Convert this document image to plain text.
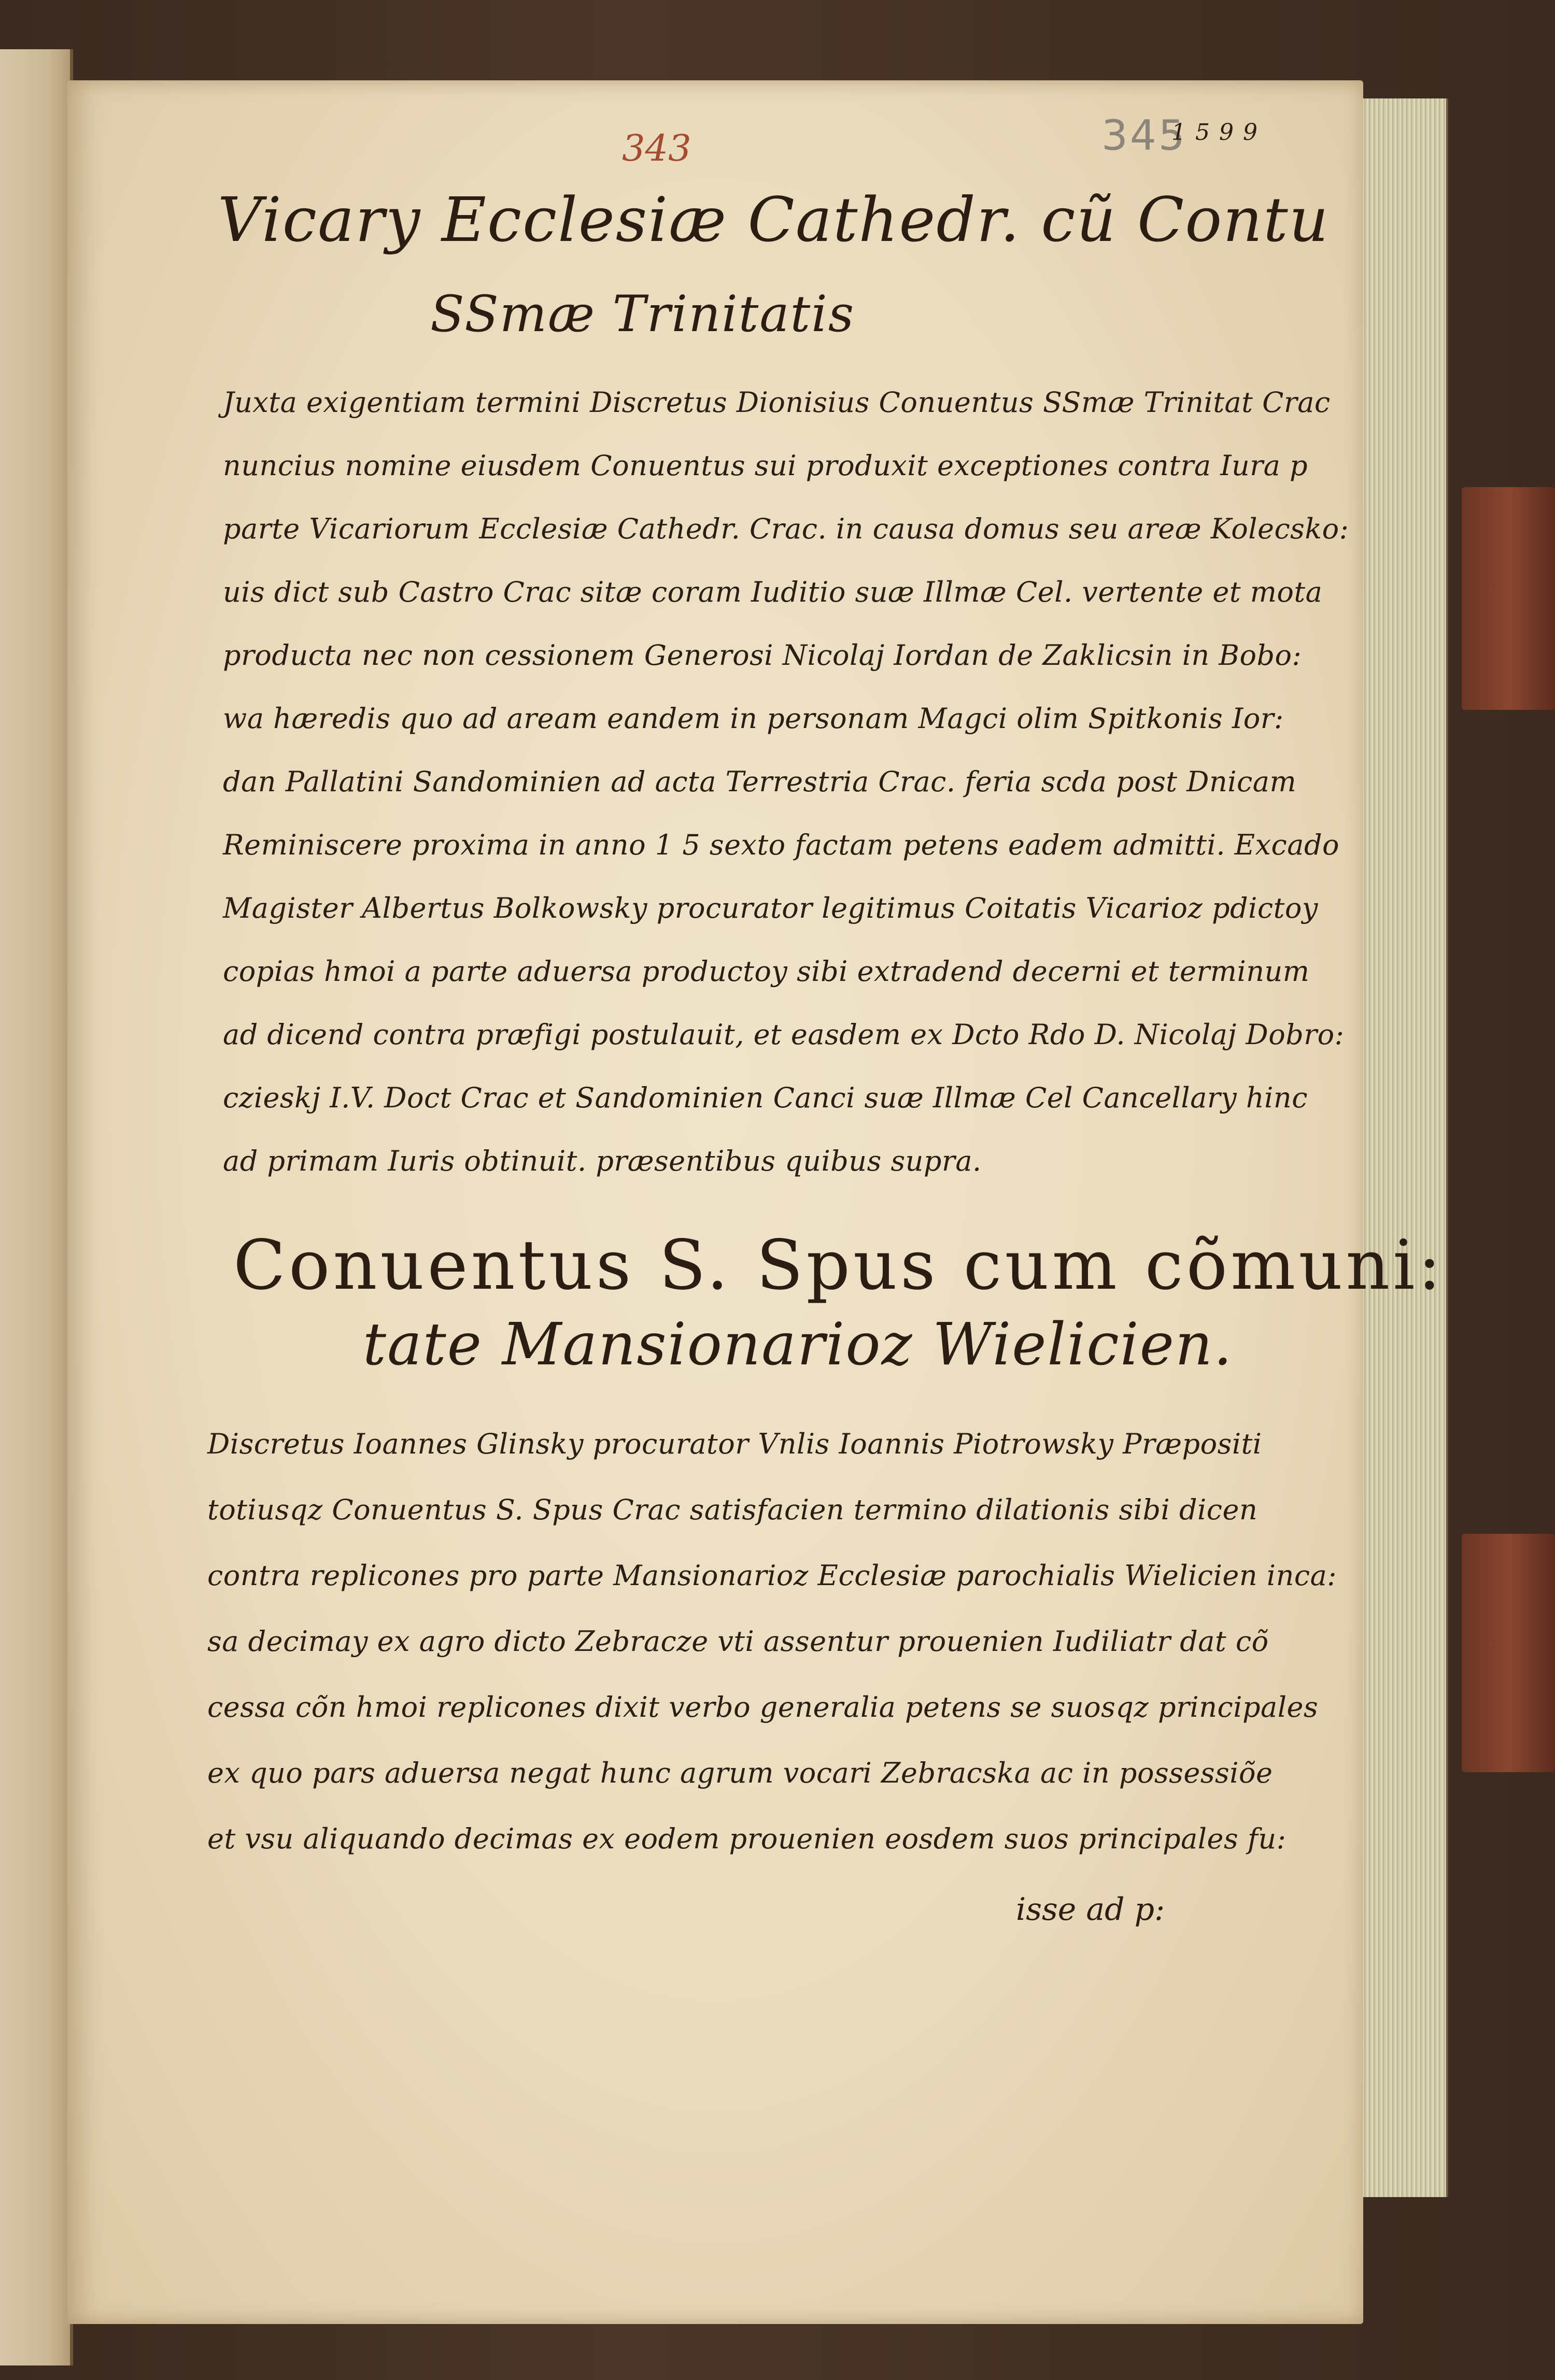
343	345
1599
Vicary Ecclesiæ Cathedr. cũ Contu
SSmæ Trinitatis
Juxta exigentiam termini Discretus Dionisius Conuentus SSmæ Trinitat Crac
nuncius nomine eiusdem Conuentus sui produxit exceptiones contra Iura p
parte Vicariorum Ecclesiæ Cathedr. Crac. in causa domus seu areæ Kolecsko:
uis dict sub Castro Crac sitæ coram Iuditio suæ Illmæ Cel. vertente et mota
producta nec non cessionem Generosi Nicolaj Iordan de Zaklicsin in Bobo:
wa hæredis quo ad aream eandem in personam Magci olim Spitkonis Ior:
dan Pallatini Sandominien ad acta Terrestria Crac. feria scda post Dnicam
Reminiscere proxima in anno 1 5 sexto factam petens eadem admitti. Excado
Magister Albertus Bolkowsky procurator legitimus Coitatis Vicarioz pdictoy
copias hmoi a parte aduersa productoy sibi extradend decerni et terminum
ad dicend contra præfigi postulauit, et easdem ex Dcto Rdo D. Nicolaj Dobro:
czieskj I.V. Doct Crac et Sandominien Canci suæ Illmæ Cel Cancellary hinc
ad primam Iuris obtinuit. præsentibus quibus supra.
Conuentus S. Spus cum cõmuni:
tate Mansionarioz Wielicien.
Discretus Ioannes Glinsky procurator Vnlis Ioannis Piotrowsky Præpositi
totiusqz Conuentus S. Spus Crac satisfacien termino dilationis sibi dicen
contra replicones pro parte Mansionarioz Ecclesiæ parochialis Wielicien inca:
sa decimay ex agro dicto Zebracze vti assentur prouenien Iudiliatr dat cõ
cessa cõn hmoi replicones dixit verbo generalia petens se suosqz principales
ex quo pars aduersa negat hunc agrum vocari Zebracska ac in possessiõe
et vsu aliquando decimas ex eodem prouenien eosdem suos principales fu:
isse ad p:
